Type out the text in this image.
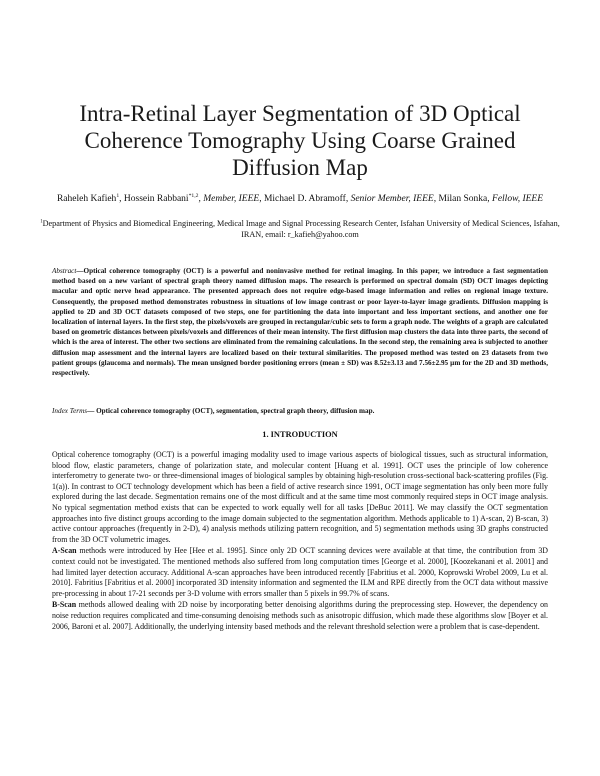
Intra-Retinal Layer Segmentation of 3D Optical Coherence Tomography Using Coarse Grained Diffusion Map
Raheleh Kafieh$^1$, Hossein Rabbani$^{*1,2}$, Member, IEEE, Michael D. Abramoff, Senior Member, IEEE, Milan Sonka, Fellow, IEEE
$^1$Department of Physics and Biomedical Engineering, Medical Image and Signal Processing Research Center, Isfahan University of Medical Sciences, Isfahan, IRAN, email: r_kafieh@yahoo.com
Abstract—Optical coherence tomography (OCT) is a powerful and noninvasive method for retinal imaging. In this paper, we introduce a fast segmentation method based on a new variant of spectral graph theory named diffusion maps. The research is performed on spectral domain (SD) OCT images depicting macular and optic nerve head appearance. The presented approach does not require edge-based image information and relies on regional image texture. Consequently, the proposed method demonstrates robustness in situations of low image contrast or poor layer-to-layer image gradients. Diffusion mapping is applied to 2D and 3D OCT datasets composed of two steps, one for partitioning the data into important and less important sections, and another one for localization of internal layers. In the first step, the pixels/voxels are grouped in rectangular/cubic sets to form a graph node. The weights of a graph are calculated based on geometric distances between pixels/voxels and differences of their mean intensity. The first diffusion map clusters the data into three parts, the second of which is the area of interest. The other two sections are eliminated from the remaining calculations. In the second step, the remaining area is subjected to another diffusion map assessment and the internal layers are localized based on their textural similarities. The proposed method was tested on 23 datasets from two patient groups (glaucoma and normals). The mean unsigned border positioning errors (mean ± SD) was 8.52±3.13 and 7.56±2.95 µm for the 2D and 3D methods, respectively.
Index Terms— Optical coherence tomography (OCT), segmentation, spectral graph theory, diffusion map.
1. INTRODUCTION

Optical coherence tomography (OCT) is a powerful imaging modality used to image various aspects of biological tissues, such as structural information, blood flow, elastic parameters, change of polarization state, and molecular content [Huang et al. 1991]. OCT uses the principle of low coherence interferometry to generate two- or three-dimensional images of biological samples by obtaining high-resolution cross-sectional back-scattering profiles (Fig. 1(a)). In contrast to OCT technology development which has been a field of active research since 1991, OCT image segmentation has only been more fully explored during the last decade. Segmentation remains one of the most difficult and at the same time most commonly required steps in OCT image analysis. No typical segmentation method exists that can be expected to work equally well for all tasks [DeBuc 2011]. We may classify the OCT segmentation approaches into five distinct groups according to the image domain subjected to the segmentation algorithm. Methods applicable to 1) A-scan, 2) B-scan, 3) active contour approaches (frequently in 2-D), 4) analysis methods utilizing pattern recognition, and 5) segmentation methods using 3D graphs constructed from the 3D OCT volumetric images.

A-Scan methods were introduced by Hee [Hee et al. 1995]. Since only 2D OCT scanning devices were available at that time, the contribution from 3D context could not be investigated. The mentioned methods also suffered from long computation times [George et al. 2000], [Koozekanani et al. 2001] and had limited layer detection accuracy. Additional A-scan approaches have been introduced recently [Fabritius et al. 2000, Koprowski Wrobel 2009, Lu et al. 2010]. Fabritius [Fabritius et al. 2000] incorporated 3D intensity information and segmented the ILM and RPE directly from the OCT data without massive pre-processing in about 17-21 seconds per 3-D volume with errors smaller than 5 pixels in 99.7% of scans.

B-Scan methods allowed dealing with 2D noise by incorporating better denoising algorithms during the preprocessing step. However, the dependency on noise reduction requires complicated and time-consuming denoising methods such as anisotropic diffusion, which made these algorithms slow [Boyer et al. 2006, Baroni et al. 2007]. Additionally, the underlying intensity based methods and the relevant threshold selection were a problem that is case-dependent.
